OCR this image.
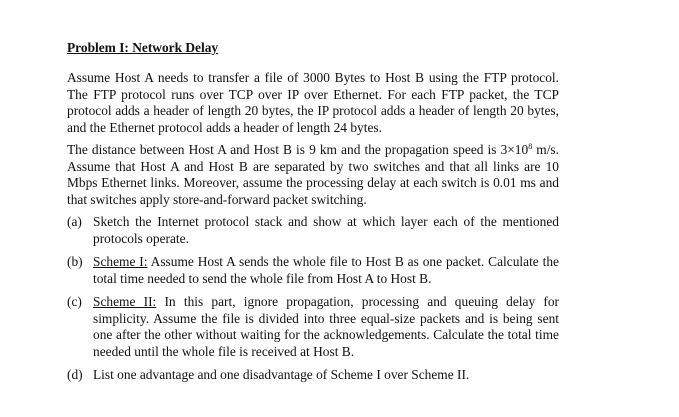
Problem I: Network Delay

Assume Host A needs to transfer a file of 3000 Bytes to Host B using the FTP protocol. The FTP protocol runs over TCP over IP over Ethernet. For each FTP packet, the TCP protocol adds a header of length 20 bytes, the IP protocol adds a header of length 20 bytes, and the Ethernet protocol adds a header of length 24 bytes.

The distance between Host A and Host B is 9 km and the propagation speed is $3\times 10^8$ m/s. Assume that Host A and Host B are separated by two switches and that all links are 10 Mbps Ethernet links. Moreover, assume the processing delay at each switch is 0.01 ms and that switches apply store-and-forward packet switching.

(a) Sketch the Internet protocol stack and show at which layer each of the mentioned protocols operate.
(b) Scheme I: Assume Host A sends the whole file to Host B as one packet. Calculate the total time needed to send the whole file from Host A to Host B.
(c) Scheme II: In this part, ignore propagation, processing and queuing delay for simplicity. Assume the file is divided into three equal-size packets and is being sent one after the other without waiting for the acknowledgements. Calculate the total time needed until the whole file is received at Host B.
(d) List one advantage and one disadvantage of Scheme I over Scheme II.
